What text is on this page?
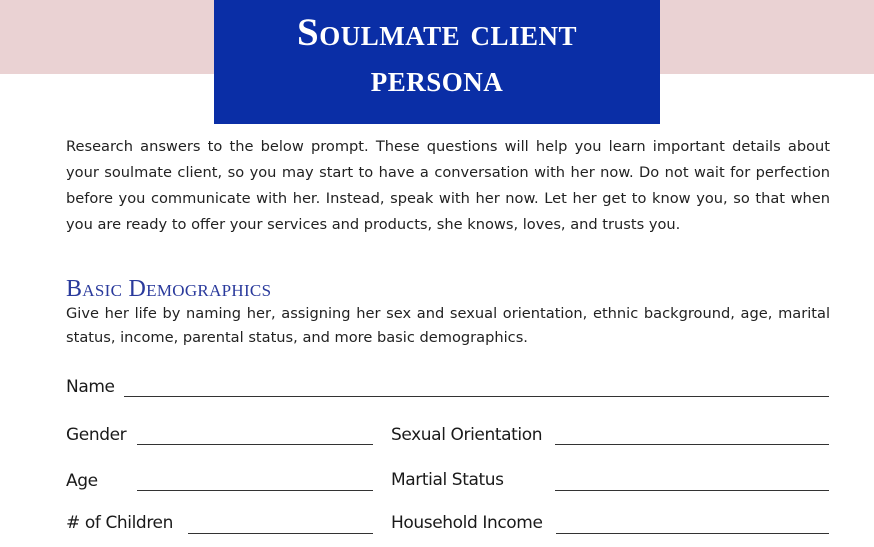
Soulmate client
persona

Research answers to the below prompt. These questions will help you learn important details about your soulmate client, so you may start to have a conversation with her now. Do not wait for perfection before you communicate with her. Instead, speak with her now. Let her get to know you, so that when you are ready to offer your services and products, she knows, loves, and trusts you.

Basic Demographics

Give her life by naming her, assigning her sex and sexual orientation, ethnic background, age, marital status, income, parental status, and more basic demographics.

Name
Gender	Sexual Orientation
Age	Martial Status
# of Children	Household Income
